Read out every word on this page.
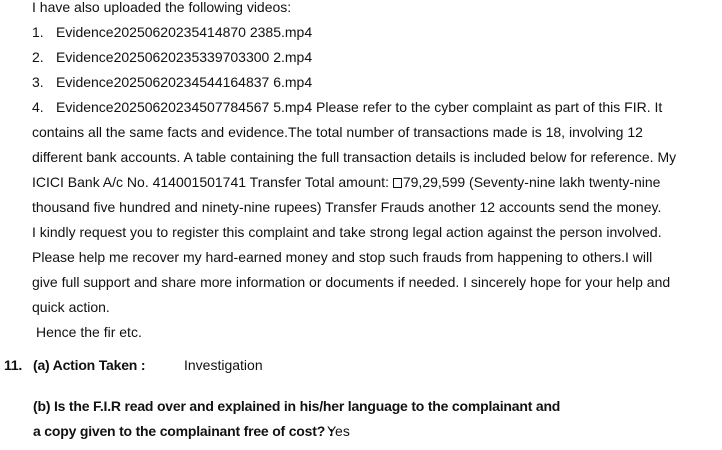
I have also uploaded the following videos:
1. Evidence20250620235414870 2385.mp4
2. Evidence20250620235339703300 2.mp4
3. Evidence20250620234544164837 6.mp4
4. Evidence20250620234507784567 5.mp4 Please refer to the cyber complaint as part of this FIR. It
contains all the same facts and evidence.The total number of transactions made is 18, involving 12
different bank accounts. A table containing the full transaction details is included below for reference. My
ICICI Bank A/c No. 414001501741 Transfer Total amount: 79,29,599 (Seventy-nine lakh twenty-nine
thousand five hundred and ninety-nine rupees) Transfer Frauds another 12 accounts send the money.
I kindly request you to register this complaint and take strong legal action against the person involved.
Please help me recover my hard-earned money and stop such frauds from happening to others.I will
give full support and share more information or documents if needed. I sincerely hope for your help and
quick action.
Hence the fir etc.
11. (a) Action Taken :	Investigation
(b) Is the F.I.R read over and explained in his/her language to the complainant and
a copy given to the complainant free of cost? :
Yes
